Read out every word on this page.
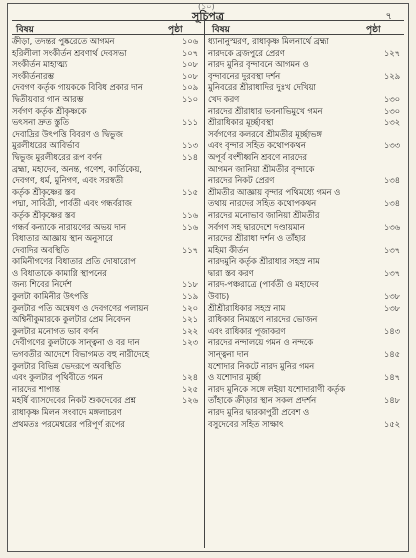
(১০)
সূচিপত্র	৭
বিষয়	পৃষ্ঠা	বিষয়	পৃষ্ঠা
ক্রীড়া, তদন্তর পুষ্করেতে আগমন	১০৬
হরিলীলা সংকীর্তন শ্রবণার্থ দেবসভা	১০৭
সংকীর্তন মাহাত্ম্য	১০৮
সংকীর্তনারম্ভ	১০৮
দেবগণ কর্তৃক গায়ককে বিবিধ প্রকার দান	১০৯
দ্বিতীয়বার গান আরম্ভ	১১০
সর্বগণ কর্তৃক শ্রীকৃষ্ণকে
ভৎসনা দ্রুত স্তুতি	১১১
দেবাদ্রির উৎপত্তি বিবরণ ও দ্বিভুজ
মুরলীধরের আবির্ভাব	১১৩
দ্বিভুজ মুরলীধরের রূপ বর্ণন	১১৪
ব্রহ্মা, মহাদেব, অনন্ত, গণেশ, কার্তিকেয়,
দেবগণ, ধর্ম, মুনিগণ, এবং সরস্বতী
কর্তৃক শ্রীকৃষ্ণের স্তব	১১৫
পদ্মা, সাবিত্রী, পার্বতী এবং গন্ধর্বরাজ
কর্তৃক শ্রীকৃষ্ণের স্তব	১১৬
গন্ধর্ব কন্যাকে নারায়ণের অভয় দান	১১৬
বিধাতার আজ্ঞায় স্থান অনুসারে
দেবাদির অবস্থিতি	১১৭
কামিনীগণের বিধাতার প্রতি দোষারোপ
ও বিধাতাকে কামাগ্নি স্থাপনের
জন্য শিবের নির্দেশ	১১৮
কুলটা কামিনীর উৎপত্তি	১১৯
কুলটার পতি অন্বেষণ ও দেবগণের পলায়ন	১২০
অশ্বিনীকুমারকে কুলটার প্রেম নিবেদন	১২১
কুলটার মনোগত ভাব বর্ণন	১২২
দেবীগণের কুলটাকে সান্ত্বনা ও বর দান	১২৩
ভগবতীর আদেশে বিভাগমত বহু নারীদেহে
কুলটার বিভিন্ন ভেদরূপে অবস্থিতি
এবং কুলটার পৃথিবীতে গমন	১২৪
নারদের শাপান্ত	১২৫
মহর্ষি ব্যাসদেবের নিকট শুকদেবের প্রশ্ন	১২৬
রাধাকৃষ্ণ মিলন সংবাদে মঙ্গলাচরণ
প্রথমতঃ পরমেশ্বরের পরিপূর্ণ রূপের
ধ্যানানুস্মরণ, রাধাকৃষ্ণ মিলনার্থে ব্রহ্মা
নারদকে ব্রজপুরে প্রেরণ	১২৭
নারদ মুনির বৃন্দাবনে আগমন ও
বৃন্দাবনের দুরবস্থা দর্শন	১২৯
মুনিবরের শ্রীরাধাদির দুঃখ দেখিয়া
খেদ করণ	১৩০
নারদের শ্রীরাধার ভবনাভিমুখে গমন	১৩০
শ্রীরাধিকার মূর্চ্ছাবস্থা	১৩২
সর্বগণের কলরবে শ্রীমতীর মূর্চ্ছাভঙ্গ
এবং বৃন্দার সহিত কথোপকথন	১৩৩
অপূর্ব বংশীধ্বনি শ্রবণে নারদের
আগমন জানিয়া শ্রীমতীর বৃন্দাকে
নারদের নিকট প্রেরণ	১৩৪
শ্রীমতীর আজ্ঞায় বৃন্দার পথিমধ্যে গমন ও
তথায় নারদের সহিত কথোপকথন	১৩৪
নারদের মনোভাব জানিয়া শ্রীমতীর
সর্বগণ সহ দ্বারদেশে দণ্ডায়মান	১৩৬
নারদের শ্রীরাধা দর্শন ও তাঁহার
মহিমা কীর্তন	১৩৭
নারদমুনি কর্তৃক শ্রীরাধার সহস্র নাম
দ্বারা স্তব করণ	১৩৭
নারদ-পঞ্চরাত্রে (পার্বতী ও মহাদেব
উবাচ)	১৩৮
শ্রীশ্রীরাধিকার সহস্র নাম	১৩৮
রাধিকার নিমন্ত্রণে নারদের ভোজন
এবং রাধিকার পূজাকরণ	১৪৩
নারদের নন্দালয়ে গমন ও নন্দকে
সান্ত্বনা দান	১৪৫
যশোদার নিকটে নারদ মুনির গমন
ও যশোদার মূর্চ্ছা	১৪৭
নারদ মুনিকে সঙ্গে লইয়া যশোদারাণী কর্তৃক
তাঁহাকে ক্রীড়ার স্থান সকল প্রদর্শন	১৪৮
নারদ মুনির দ্বারকাপুরী প্রবেশ ও
বসুদেবের সহিত সাক্ষাৎ	১৫২
